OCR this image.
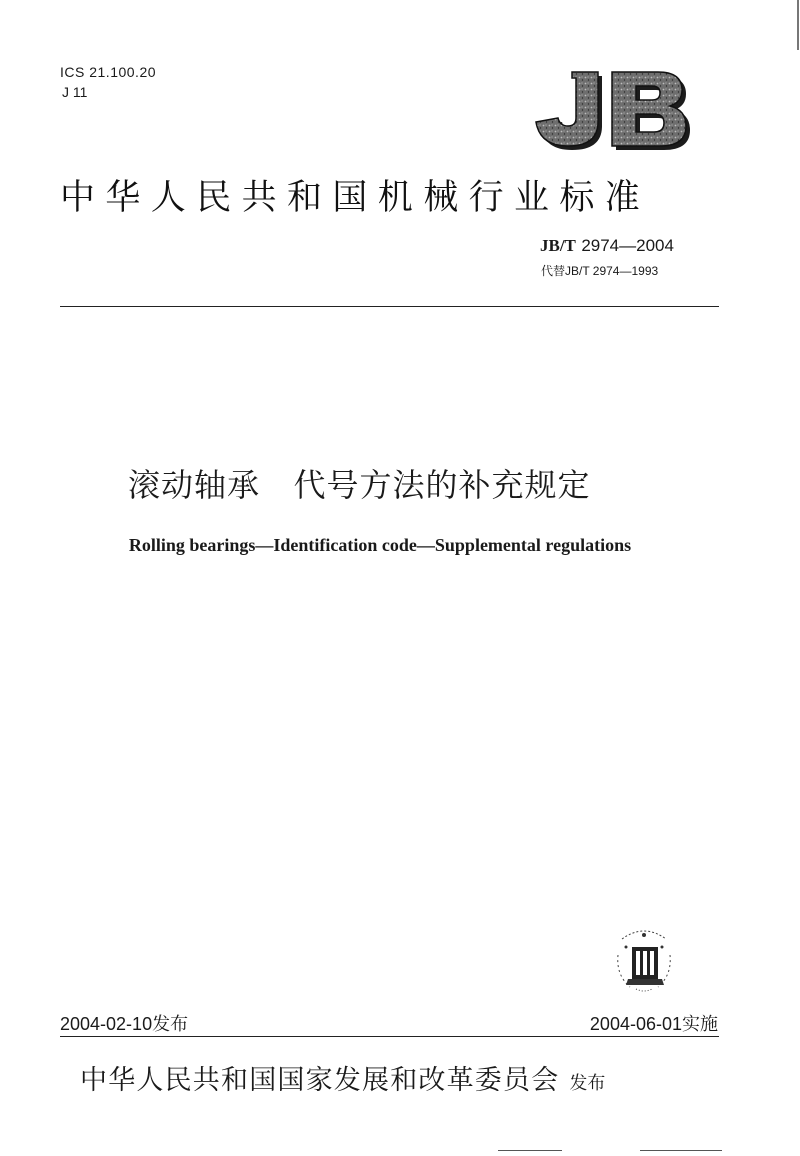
ICS 21.100.20
J 11
JB
中华人民共和国机械行业标准
JB/T 2974—2004
代替JB/T 2974—1993
滚动轴承   代号方法的补充规定
Rolling bearings—Identification code—Supplemental regulations
2004-02-10发布	2004-06-01实施
中华人民共和国国家发展和改革委员会 发布
